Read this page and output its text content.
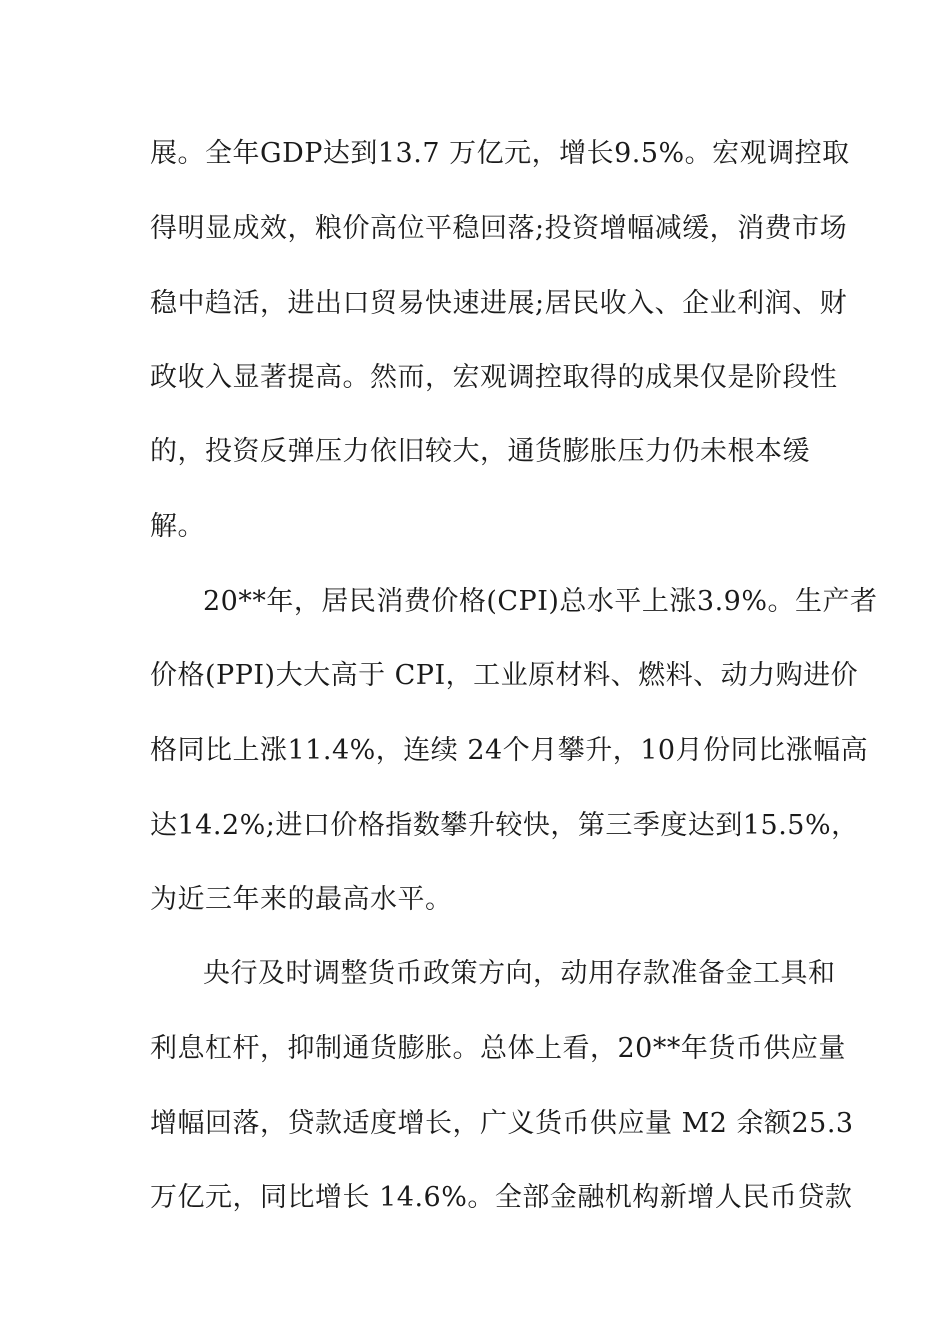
展。全年GDP达到13.7 万亿元，增长9.5%。宏观调控取
得明显成效，粮价高位平稳回落;投资增幅减缓，消费市场
稳中趋活，进出口贸易快速进展;居民收入、企业利润、财
政收入显著提高。然而，宏观调控取得的成果仅是阶段性
的，投资反弹压力依旧较大，通货膨胀压力仍未根本缓
解。
20**年，居民消费价格(CPI)总水平上涨3.9%。生产者
价格(PPI)大大高于 CPI，工业原材料、燃料、动力购进价
格同比上涨11.4%，连续 24个月攀升，10月份同比涨幅高
达14.2%;进口价格指数攀升较快，第三季度达到15.5%，
为近三年来的最高水平。
央行及时调整货币政策方向，动用存款准备金工具和
利息杠杆，抑制通货膨胀。总体上看，20**年货币供应量
增幅回落，贷款适度增长，广义货币供应量 M2 余额25.3
万亿元，同比增长 14.6%。全部金融机构新增人民币贷款
